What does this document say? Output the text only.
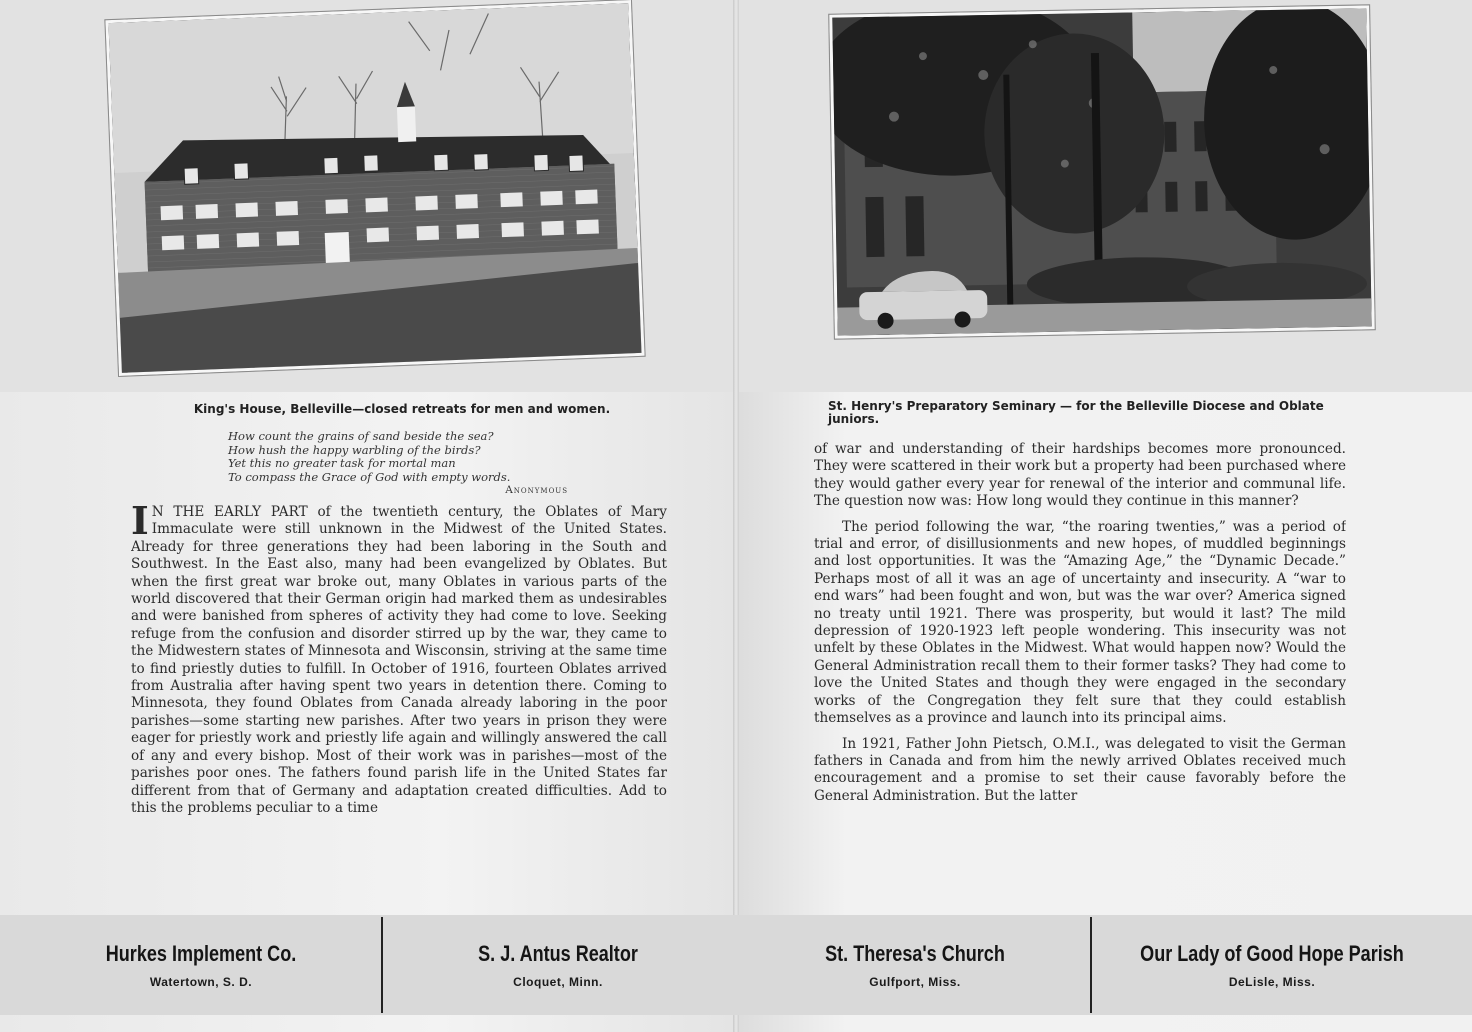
King's House, Belleville—closed retreats for men and women.
How count the grains of sand beside the sea?
How hush the happy warbling of the birds?
Yet this no greater task for mortal man
To compass the Grace of God with empty words.
Anonymous

I N THE EARLY PART of the twentieth century, the Oblates of Mary Immaculate were still unknown in the Midwest of the United States. Already for three generations they had been laboring in the South and Southwest. In the East also, many had been evangelized by Oblates. But when the first great war broke out, many Oblates in various parts of the world discovered that their German origin had marked them as undesirables and were banished from spheres of activity they had come to love. Seeking refuge from the confusion and disorder stirred up by the war, they came to the Midwestern states of Minnesota and Wisconsin, striving at the same time to find priestly duties to fulfill. In October of 1916, fourteen Oblates arrived from Australia after having spent two years in detention there. Coming to Minnesota, they found Oblates from Canada already laboring in the poor parishes—some starting new parishes. After two years in prison they were eager for priestly work and priestly life again and willingly answered the call of any and every bishop. Most of their work was in parishes—most of the parishes poor ones. The fathers found parish life in the United States far different from that of Germany and adaptation created difficulties. Add to this the problems peculiar to a time

St. Henry's Preparatory Seminary — for the Belleville Diocese and Oblate juniors.

of war and understanding of their hardships becomes more pronounced. They were scattered in their work but a property had been purchased where they would gather every year for renewal of the interior and communal life. The question now was: How long would they continue in this manner?

The period following the war, “the roaring twenties,” was a period of trial and error, of disillusionments and new hopes, of muddled beginnings and lost opportunities. It was the “Amazing Age,” the “Dynamic Decade.” Perhaps most of all it was an age of uncertainty and insecurity. A “war to end wars” had been fought and won, but was the war over? America signed no treaty until 1921. There was prosperity, but would it last? The mild depression of 1920-1923 left people wondering. This insecurity was not unfelt by these Oblates in the Midwest. What would happen now? Would the General Administration recall them to their former tasks? They had come to love the United States and though they were engaged in the secondary works of the Congregation they felt sure that they could establish themselves as a province and launch into its principal aims.

In 1921, Father John Pietsch, O.M.I., was delegated to visit the German fathers in Canada and from him the newly arrived Oblates received much encouragement and a promise to set their cause favorably before the General Administration. But the latter

Hurkes Implement Co.
Watertown, S. D.
S. J. Antus Realtor
Cloquet, Minn.
St. Theresa's Church
Gulfport, Miss.
Our Lady of Good Hope Parish
DeLisle, Miss.
